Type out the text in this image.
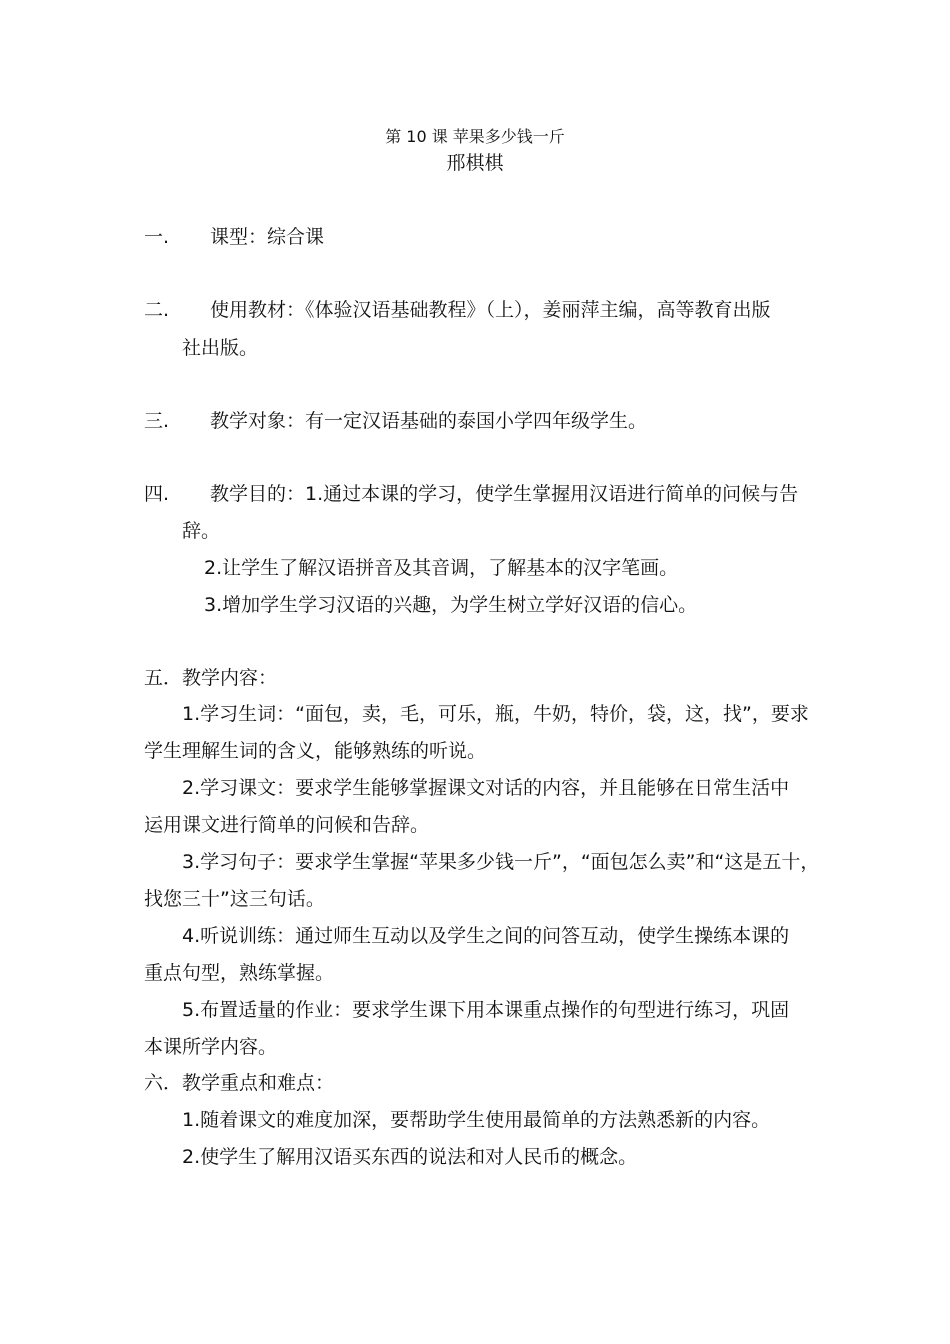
第 10 课 苹果多少钱一斤
邢棋棋
一. 课型：综合课
二. 使用教材：《体验汉语基础教程》（上），姜丽萍主编，高等教育出版
社出版。
三. 教学对象：有一定汉语基础的泰国小学四年级学生。
四. 教学目的：1.通过本课的学习，使学生掌握用汉语进行简单的问候与告
辞。
2.让学生了解汉语拼音及其音调，了解基本的汉字笔画。
3.增加学生学习汉语的兴趣，为学生树立学好汉语的信心。
五．教学内容：
1.学习生词：“面包，卖，毛，可乐，瓶，牛奶，特价，袋，这，找”，要求
学生理解生词的含义，能够熟练的听说。
2.学习课文：要求学生能够掌握课文对话的内容，并且能够在日常生活中
运用课文进行简单的问候和告辞。
3.学习句子：要求学生掌握“苹果多少钱一斤”，“面包怎么卖”和“这是五十，
找您三十”这三句话。
4.听说训练：通过师生互动以及学生之间的问答互动，使学生操练本课的
重点句型，熟练掌握。
5.布置适量的作业：要求学生课下用本课重点操作的句型进行练习，巩固
本课所学内容。
六．教学重点和难点：
1.随着课文的难度加深，要帮助学生使用最简单的方法熟悉新的内容。
2.使学生了解用汉语买东西的说法和对人民币的概念。
